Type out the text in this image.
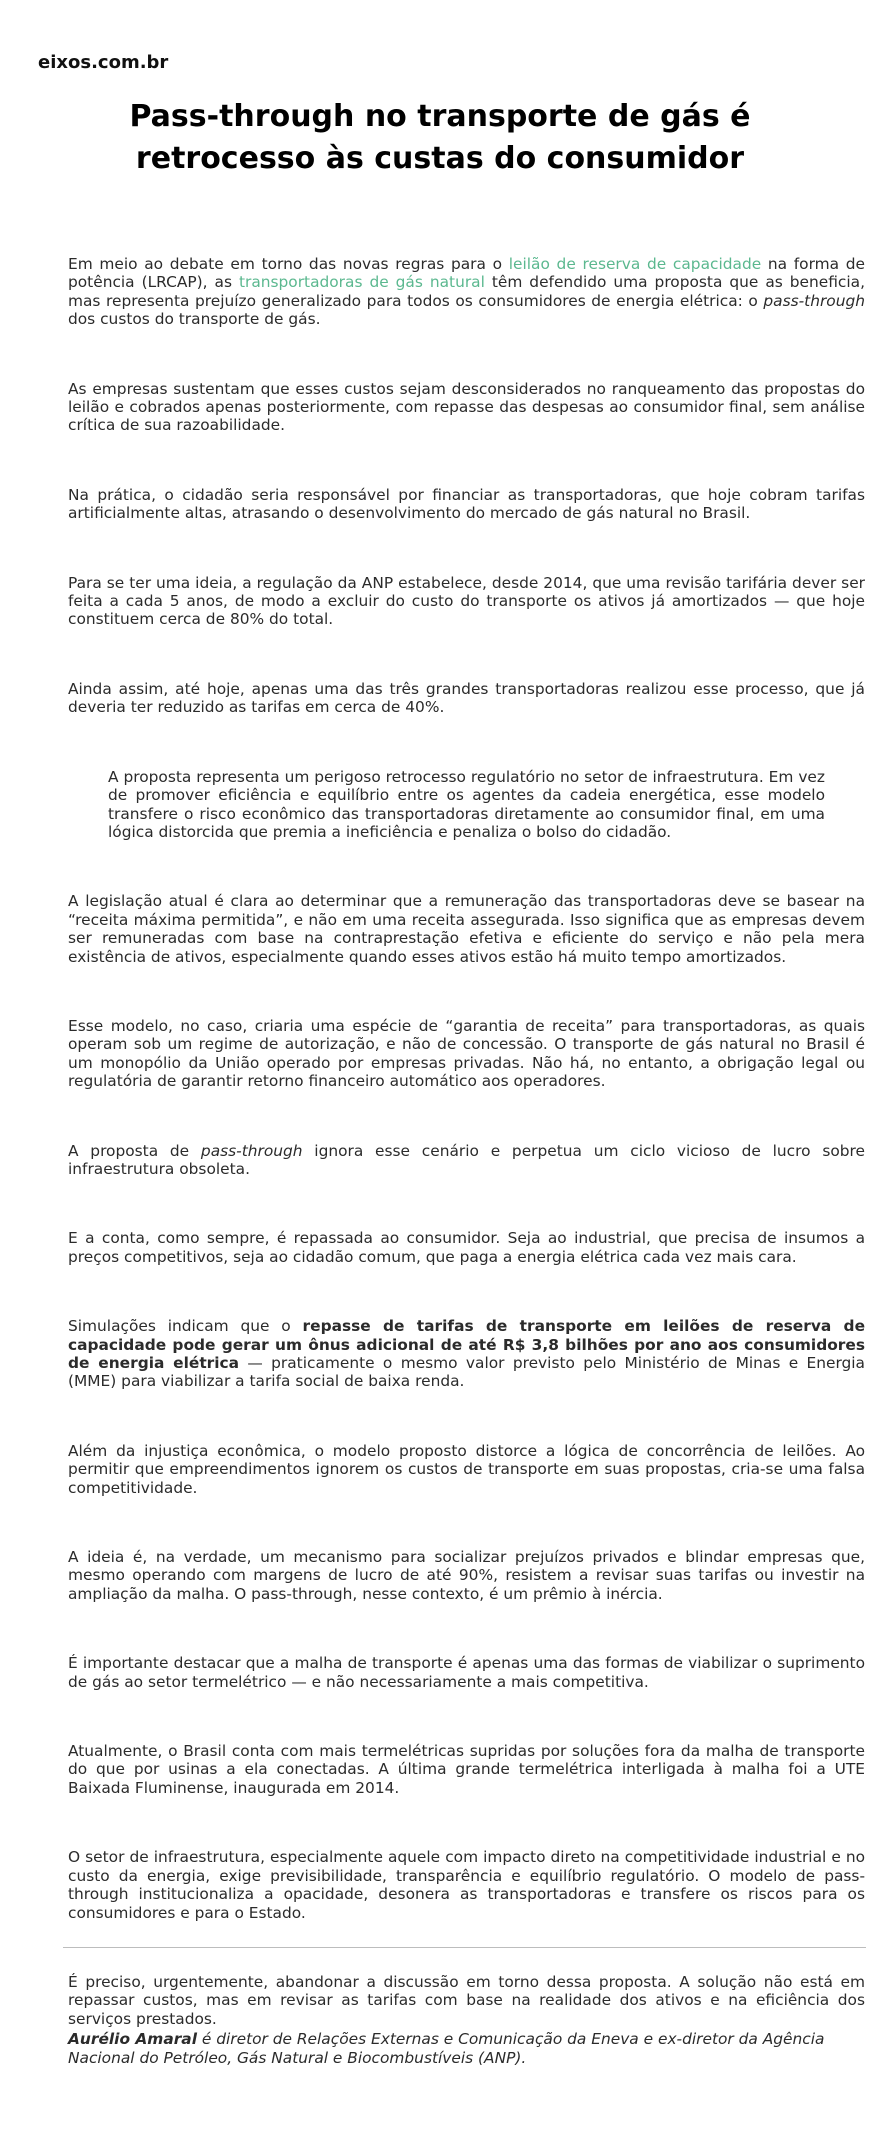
eixos.com.br
Pass-through no transporte de gás é retrocesso às custas do consumidor

Em meio ao debate em torno das novas regras para o leilão de reserva de capacidade na forma de potência (LRCAP), as transportadoras de gás natural têm defendido uma proposta que as beneficia, mas representa prejuízo generalizado para todos os consumidores de energia elétrica: o pass-through dos custos do transporte de gás.

As empresas sustentam que esses custos sejam desconsiderados no ranqueamento das propostas do leilão e cobrados apenas posteriormente, com repasse das despesas ao consumidor final, sem análise crítica de sua razoabilidade.

Na prática, o cidadão seria responsável por financiar as transportadoras, que hoje cobram tarifas artificialmente altas, atrasando o desenvolvimento do mercado de gás natural no Brasil.

Para se ter uma ideia, a regulação da ANP estabelece, desde 2014, que uma revisão tarifária dever ser feita a cada 5 anos, de modo a excluir do custo do transporte os ativos já amortizados — que hoje constituem cerca de 80% do total.

Ainda assim, até hoje, apenas uma das três grandes transportadoras realizou esse processo, que já deveria ter reduzido as tarifas em cerca de 40%.

A proposta representa um perigoso retrocesso regulatório no setor de infraestrutura. Em vez de promover eficiência e equilíbrio entre os agentes da cadeia energética, esse modelo transfere o risco econômico das transportadoras diretamente ao consumidor final, em uma lógica distorcida que premia a ineficiência e penaliza o bolso do cidadão.

A legislação atual é clara ao determinar que a remuneração das transportadoras deve se basear na “receita máxima permitida”, e não em uma receita assegurada. Isso significa que as empresas devem ser remuneradas com base na contraprestação efetiva e eficiente do serviço e não pela mera existência de ativos, especialmente quando esses ativos estão há muito tempo amortizados.

Esse modelo, no caso, criaria uma espécie de “garantia de receita” para transportadoras, as quais operam sob um regime de autorização, e não de concessão. O transporte de gás natural no Brasil é um monopólio da União operado por empresas privadas. Não há, no entanto, a obrigação legal ou regulatória de garantir retorno financeiro automático aos operadores.

A proposta de pass-through ignora esse cenário e perpetua um ciclo vicioso de lucro sobre infraestrutura obsoleta.

E a conta, como sempre, é repassada ao consumidor. Seja ao industrial, que precisa de insumos a preços competitivos, seja ao cidadão comum, que paga a energia elétrica cada vez mais cara.

Simulações indicam que o repasse de tarifas de transporte em leilões de reserva de capacidade pode gerar um ônus adicional de até R$ 3,8 bilhões por ano aos consumidores de energia elétrica — praticamente o mesmo valor previsto pelo Ministério de Minas e Energia (MME) para viabilizar a tarifa social de baixa renda.

Além da injustiça econômica, o modelo proposto distorce a lógica de concorrência de leilões. Ao permitir que empreendimentos ignorem os custos de transporte em suas propostas, cria-se uma falsa competitividade.

A ideia é, na verdade, um mecanismo para socializar prejuízos privados e blindar empresas que, mesmo operando com margens de lucro de até 90%, resistem a revisar suas tarifas ou investir na ampliação da malha. O pass-through, nesse contexto, é um prêmio à inércia.

É importante destacar que a malha de transporte é apenas uma das formas de viabilizar o suprimento de gás ao setor termelétrico — e não necessariamente a mais competitiva.

Atualmente, o Brasil conta com mais termelétricas supridas por soluções fora da malha de transporte do que por usinas a ela conectadas. A última grande termelétrica interligada à malha foi a UTE Baixada Fluminense, inaugurada em 2014.

O setor de infraestrutura, especialmente aquele com impacto direto na competitividade industrial e no custo da energia, exige previsibilidade, transparência e equilíbrio regulatório. O modelo de pass-through institucionaliza a opacidade, desonera as transportadoras e transfere os riscos para os consumidores e para o Estado.

É preciso, urgentemente, abandonar a discussão em torno dessa proposta. A solução não está em repassar custos, mas em revisar as tarifas com base na realidade dos ativos e na eficiência dos serviços prestados.

Aurélio Amaral é diretor de Relações Externas e Comunicação da Eneva e ex-diretor da Agência Nacional do Petróleo, Gás Natural e Biocombustíveis (ANP).
